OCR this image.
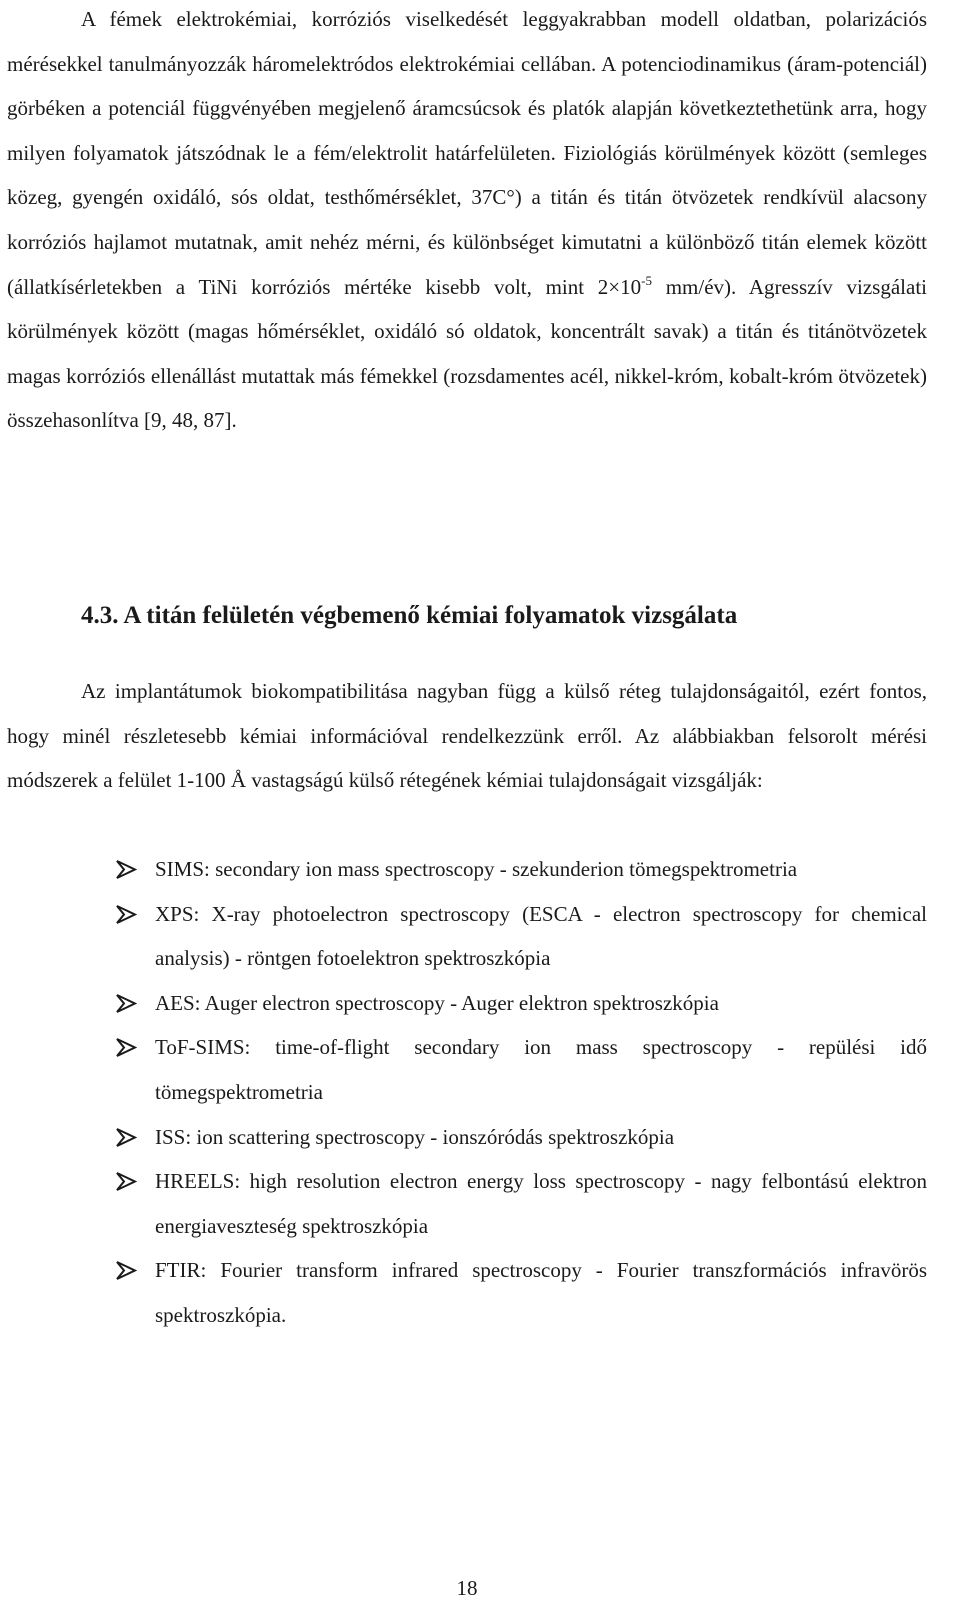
A fémek elektrokémiai, korróziós viselkedését leggyakrabban modell oldatban, polarizációs mérésekkel tanulmányozzák háromelektródos elektrokémiai cellában. A potenciodinamikus (áram-potenciál) görbéken a potenciál függvényében megjelenő áramcsúcsok és platók alapján következtethetünk arra, hogy milyen folyamatok játszódnak le a fém/elektrolit határfelületen. Fiziológiás körülmények között (semleges közeg, gyengén oxidáló, sós oldat, testhőmérséklet, 37C°) a titán és titán ötvözetek rendkívül alacsony korróziós hajlamot mutatnak, amit nehéz mérni, és különbséget kimutatni a különböző titán elemek között (állatkísérletekben a TiNi korróziós mértéke kisebb volt, mint $2\times 10^{-5}$ mm/év). Agresszív vizsgálati körülmények között (magas hőmérséklet, oxidáló só oldatok, koncentrált savak) a titán és titánötvözetek magas korróziós ellenállást mutattak más fémekkel (rozsdamentes acél, nikkel-króm, kobalt-króm ötvözetek) összehasonlítva [9, 48, 87].

4.3. A titán felületén végbemenő kémiai folyamatok vizsgálata

Az implantátumok biokompatibilitása nagyban függ a külső réteg tulajdonságaitól, ezért fontos, hogy minél részletesebb kémiai információval rendelkezzünk erről. Az alábbiakban felsorolt mérési módszerek a felület 1-100 Å vastagságú külső rétegének kémiai tulajdonságait vizsgálják:

SIMS: secondary ion mass spectroscopy - szekunderion tömegspektrometria
XPS: X-ray photoelectron spectroscopy (ESCA - electron spectroscopy for chemical analysis) - röntgen fotoelektron spektroszkópia
AES: Auger electron spectroscopy - Auger elektron spektroszkópia
ToF-SIMS: time-of-flight secondary ion mass spectroscopy - repülési idő tömegspektrometria
ISS: ion scattering spectroscopy - ionszóródás spektroszkópia
HREELS: high resolution electron energy loss spectroscopy - nagy felbontású elektron energiaveszteség spektroszkópia
FTIR: Fourier transform infrared spectroscopy - Fourier transzformációs infravörös spektroszkópia.
18
